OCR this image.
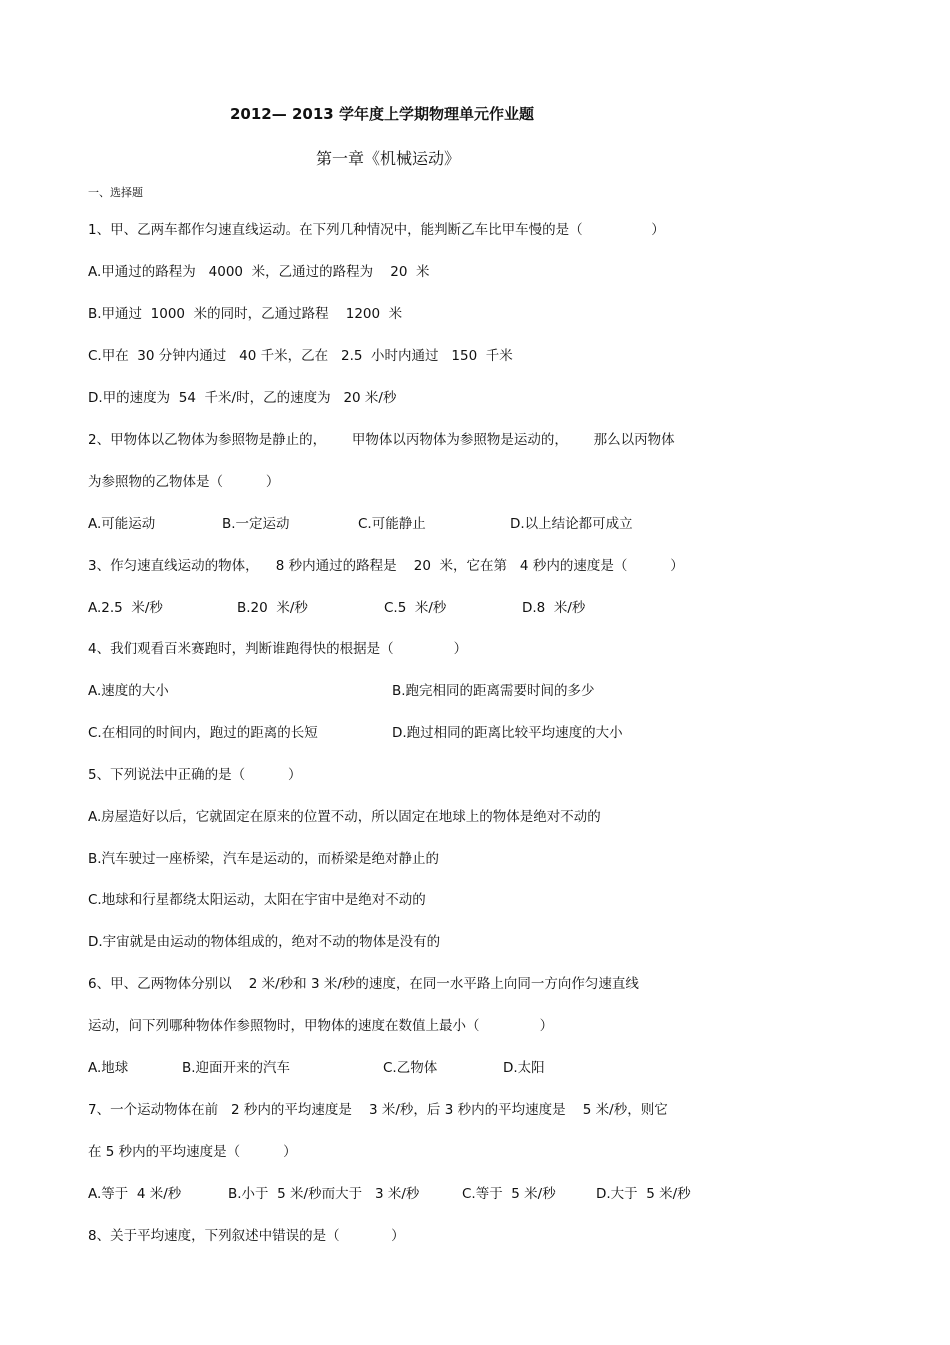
2012— 2013 学年度上学期物理单元作业题
第一章《机械运动》
一、选择题
1、甲、乙两车都作匀速直线运动。在下列几种情况中，能判断乙车比甲车慢的是（                ）
A.甲通过的路程为   4000  米，乙通过的路程为    20  米
B.甲通过  1000  米的同时，乙通过路程    1200  米
C.甲在  30 分钟内通过   40 千米，乙在   2.5  小时内通过   150  千米
D.甲的速度为  54  千米/时，乙的速度为   20 米/秒
2、甲物体以乙物体为参照物是静止的，      甲物体以丙物体为参照物是运动的，      那么以丙物体
为参照物的乙物体是（          ）
A.可能运动	B.一定运动	C.可能静止	D.以上结论都可成立
3、作匀速直线运动的物体，    8 秒内通过的路程是    20  米，它在第   4 秒内的速度是（          ）
A.2.5  米/秒	B.20  米/秒	C.5  米/秒	D.8  米/秒
4、我们观看百米赛跑时，判断谁跑得快的根据是（              ）
A.速度的大小	B.跑完相同的距离需要时间的多少
C.在相同的时间内，跑过的距离的长短	D.跑过相同的距离比较平均速度的大小
5、下列说法中正确的是（          ）
A.房屋造好以后，它就固定在原来的位置不动，所以固定在地球上的物体是绝对不动的
B.汽车驶过一座桥梁，汽车是运动的，而桥梁是绝对静止的
C.地球和行星都绕太阳运动，太阳在宇宙中是绝对不动的
D.宇宙就是由运动的物体组成的，绝对不动的物体是没有的
6、甲、乙两物体分别以    2 米/秒和 3 米/秒的速度，在同一水平路上向同一方向作匀速直线
运动，问下列哪种物体作参照物时，甲物体的速度在数值上最小（              ）
A.地球	B.迎面开来的汽车	C.乙物体	D.太阳
7、一个运动物体在前   2 秒内的平均速度是    3 米/秒，后 3 秒内的平均速度是    5 米/秒，则它
在 5 秒内的平均速度是（          ）
A.等于  4 米/秒	B.小于  5 米/秒而大于   3 米/秒	C.等于  5 米/秒	D.大于  5 米/秒
8、关于平均速度，下列叙述中错误的是（            ）
